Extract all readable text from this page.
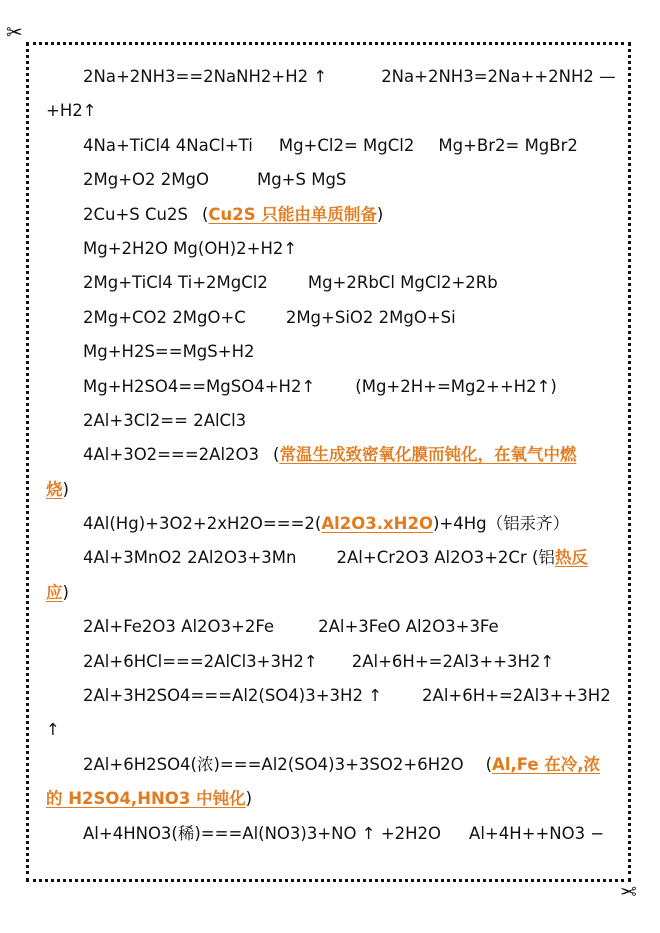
✂
✂
2Na+2NH3==2NaNH2+H2 ↑	2Na+2NH3=2Na++2NH2 —
+H2↑
4Na+TiCl4 4NaCl+Ti Mg+Cl2= MgCl2 Mg+Br2= MgBr2
2Mg+O2 2MgO	Mg+S MgS
2Cu+S Cu2S (Cu2S 只能由单质制备)
Mg+2H2O Mg(OH)2+H2↑
2Mg+TiCl4 Ti+2MgCl2 Mg+2RbCl MgCl2+2Rb
2Mg+CO2 2MgO+C 2Mg+SiO2 2MgO+Si
Mg+H2S==MgS+H2
Mg+H2SO4==MgSO4+H2↑ (Mg+2H+=Mg2++H2↑)
2Al+3Cl2== 2AlCl3
4Al+3O2===2Al2O3 (常温生成致密氧化膜而钝化，在氧气中燃
烧)
4Al(Hg)+3O2+2xH2O===2(Al2O3.xH2O)+4Hg（铝汞齐）
4Al+3MnO2 2Al2O3+3Mn 2Al+Cr2O3 Al2O3+2Cr (铝热反
应)
2Al+Fe2O3 Al2O3+2Fe	2Al+3FeO Al2O3+3Fe
2Al+6HCl===2AlCl3+3H2↑ 2Al+6H+=2Al3++3H2↑
2Al+3H2SO4===Al2(SO4)3+3H2 ↑ 2Al+6H+=2Al3++3H2
↑
2Al+6H2SO4(浓)===Al2(SO4)3+3SO2+6H2O (Al,Fe 在冷,浓
的 H2SO4,HNO3 中钝化)
Al+4HNO3(稀)===Al(NO3)3+NO ↑ +2H2O Al+4H++NO3 −
